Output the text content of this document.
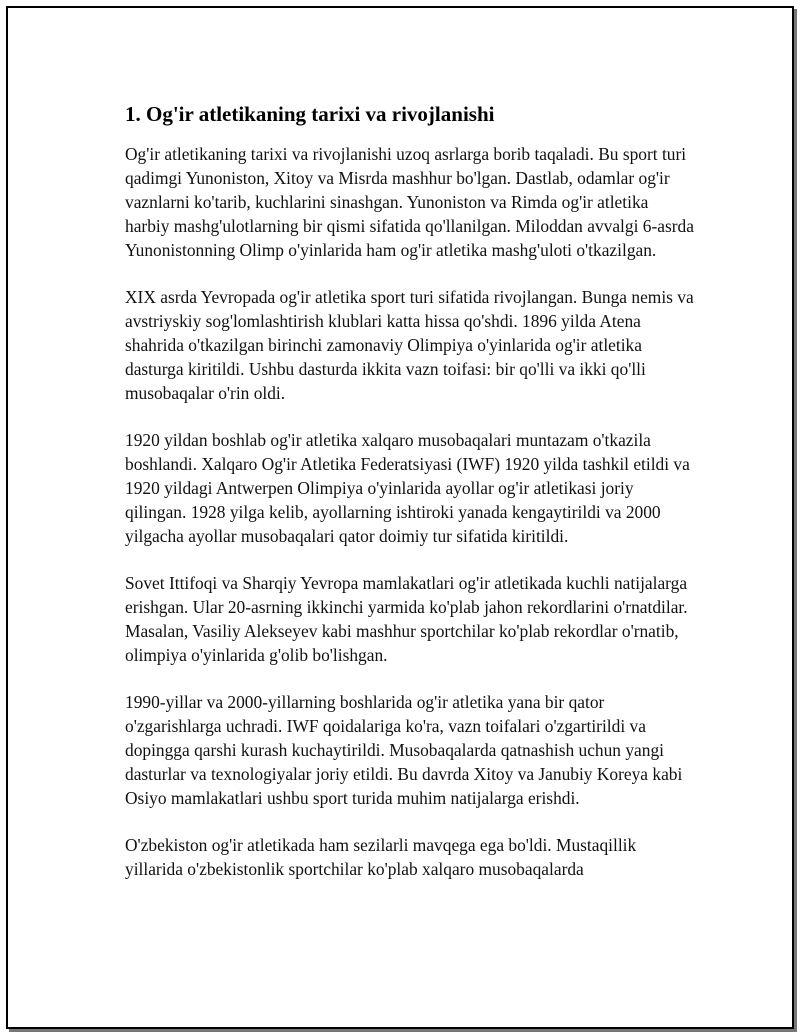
1. Og'ir atletikaning tarixi va rivojlanishi

Og'ir atletikaning tarixi va rivojlanishi uzoq asrlarga borib taqaladi. Bu sport turi qadimgi Yunoniston, Xitoy va Misrda mashhur bo'lgan. Dastlab, odamlar og'ir vaznlarni ko'tarib, kuchlarini sinashgan. Yunoniston va Rimda og'ir atletika harbiy mashg'ulotlarning bir qismi sifatida qo'llanilgan. Miloddan avvalgi 6-asrda Yunonistonning Olimp o'yinlarida ham og'ir atletika mashg'uloti o'tkazilgan.

XIX asrda Yevropada og'ir atletika sport turi sifatida rivojlangan. Bunga nemis va avstriyskiy sog'lomlashtirish klublari katta hissa qo'shdi. 1896 yilda Atena shahrida o'tkazilgan birinchi zamonaviy Olimpiya o'yinlarida og'ir atletika dasturga kiritildi. Ushbu dasturda ikkita vazn toifasi: bir qo'lli va ikki qo'lli musobaqalar o'rin oldi.

1920 yildan boshlab og'ir atletika xalqaro musobaqalari muntazam o'tkazila boshlandi. Xalqaro Og'ir Atletika Federatsiyasi (IWF) 1920 yilda tashkil etildi va 1920 yildagi Antwerpen Olimpiya o'yinlarida ayollar og'ir atletikasi joriy qilingan. 1928 yilga kelib, ayollarning ishtiroki yanada kengaytirildi va 2000 yilgacha ayollar musobaqalari qator doimiy tur sifatida kiritildi.

Sovet Ittifoqi va Sharqiy Yevropa mamlakatlari og'ir atletikada kuchli natijalarga erishgan. Ular 20-asrning ikkinchi yarmida ko'plab jahon rekordlarini o'rnatdilar. Masalan, Vasiliy Alekseyev kabi mashhur sportchilar ko'plab rekordlar o'rnatib, olimpiya o'yinlarida g'olib bo'lishgan.

1990-yillar va 2000-yillarning boshlarida og'ir atletika yana bir qator o'zgarishlarga uchradi. IWF qoidalariga ko'ra, vazn toifalari o'zgartirildi va dopingga qarshi kurash kuchaytirildi. Musobaqalarda qatnashish uchun yangi dasturlar va texnologiyalar joriy etildi. Bu davrda Xitoy va Janubiy Koreya kabi Osiyo mamlakatlari ushbu sport turida muhim natijalarga erishdi.

O'zbekiston og'ir atletikada ham sezilarli mavqega ega bo'ldi. Mustaqillik yillarida o'zbekistonlik sportchilar ko'plab xalqaro musobaqalarda
